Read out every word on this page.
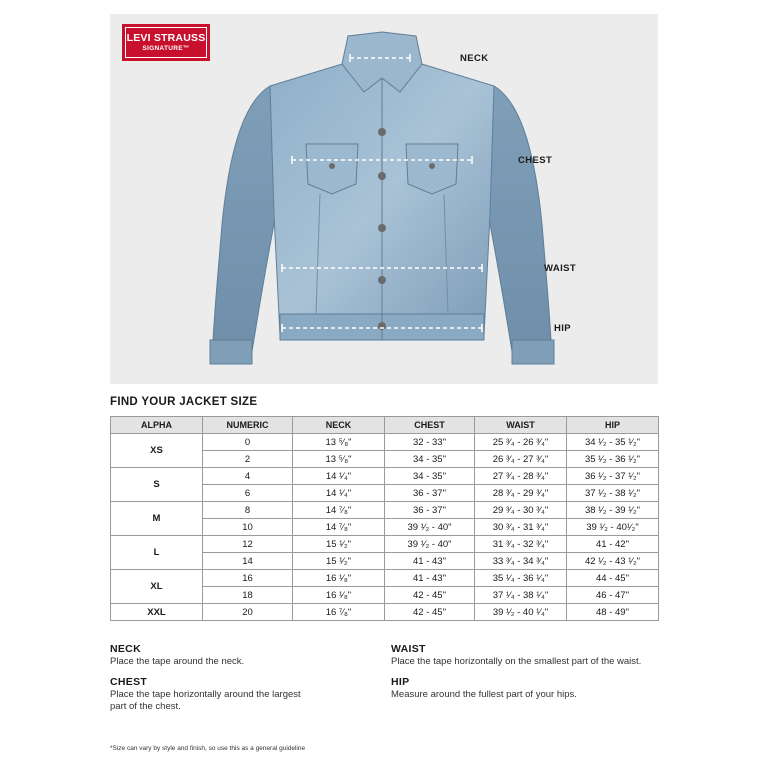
LEVI STRAUSS
SIGNATURE™
NECK
CHEST
WAIST
HIP
FIND YOUR JACKET SIZE
ALPHA	NUMERIC	NECK	CHEST	WAIST	HIP
XS	0	13 ⁵⁄₈"	32 - 33"	25 ³⁄₄ - 26 ³⁄₄"	34 ¹⁄₂ - 35 ¹⁄₂"
	2	13 ⁵⁄₈"	34 - 35"	26 ³⁄₄ - 27 ³⁄₄"	35 ¹⁄₂ - 36 ¹⁄₂"
S	4	14 ¹⁄₄"	34 - 35"	27 ³⁄₄ - 28 ³⁄₄"	36 ¹⁄₂ - 37 ¹⁄₂"
	6	14 ¹⁄₄"	36 - 37"	28 ³⁄₄ - 29 ³⁄₄"	37 ¹⁄₂ - 38 ¹⁄₂"
M	8	14 ⁷⁄₈"	36 - 37"	29 ³⁄₄ - 30 ³⁄₄"	38 ¹⁄₂ - 39 ¹⁄₂"
	10	14 ⁷⁄₈"	39 ¹⁄₂ - 40"	30 ³⁄₄ - 31 ³⁄₄"	39 ¹⁄₂ - 40¹⁄₂"
L	12	15 ¹⁄₂"	39 ¹⁄₂ - 40"	31 ³⁄₄ - 32 ³⁄₄"	41 - 42"
	14	15 ¹⁄₂"	41 - 43"	33 ³⁄₄ - 34 ³⁄₄"	42 ¹⁄₂ - 43 ¹⁄₂"
XL	16	16 ¹⁄₈"	41 - 43"	35 ¹⁄₄ - 36 ¹⁄₄"	44 - 45"
	18	16 ¹⁄₈"	42 - 45"	37 ¹⁄₄ - 38 ¹⁄₄"	46 - 47"
XXL	20	16 ⁷⁄₈"	42 - 45"	39 ¹⁄₂ - 40 ¹⁄₄"	48 - 49"
NECK
Place the tape around the neck.
CHEST
Place the tape horizontally around the largest
part of the chest.
WAIST
Place the tape horizontally on the smallest part of the waist.
HIP
Measure around the fullest part of your hips.
*Size can vary by style and finish, so use this as a general guideline
